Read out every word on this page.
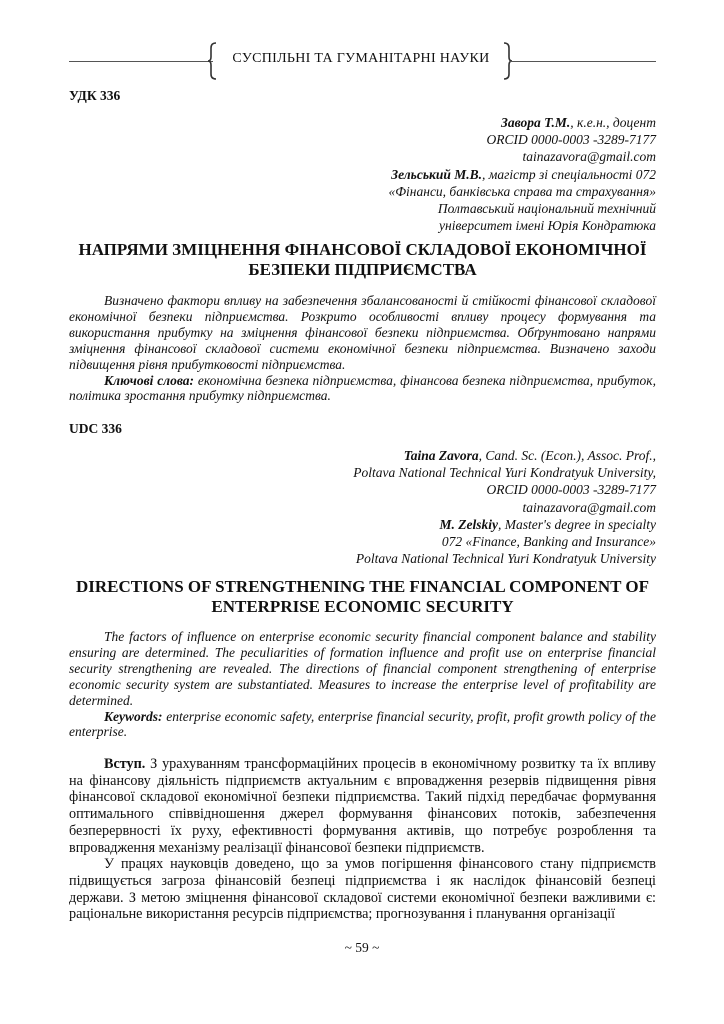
СУСПІЛЬНІ ТА ГУМАНІТАРНІ НАУКИ
УДК 336
Завора Т.М., к.е.н., доцент
ORCID 0000-0003 -3289-7177
tainazavora@gmail.com
Зельський М.В., магістр зі спеціальності 072
«Фінанси, банківська справа та страхування»
Полтавський національний технічний
університет імені Юрія Кондратюка
НАПРЯМИ ЗМІЦНЕННЯ ФІНАНСОВОЇ СКЛАДОВОЇ ЕКОНОМІЧНОЇ
БЕЗПЕКИ ПІДПРИЄМСТВА

Визначено фактори впливу на забезпечення збалансованості й стійкості фінансової складової економічної безпеки підприємства. Розкрито особливості впливу процесу формування та використання прибутку на зміцнення фінансової безпеки підприємства. Обґрунтовано напрями зміцнення фінансової складової системи економічної безпеки підприємства. Визначено заходи підвищення рівня прибутковості підприємства.

Ключові слова: економічна безпека підприємства, фінансова безпека підприємства, прибуток, політика зростання прибутку підприємства.

UDC 336
Taina Zavora, Cand. Sc. (Econ.), Assoc. Prof.,
Poltava National Technical Yuri Kondratyuk University,
ORCID 0000-0003 -3289-7177
tainazavora@gmail.com
M. Zelskiy, Master's degree in specialty
072 «Finance, Banking and Insurance»
Poltava National Technical Yuri Kondratyuk University
DIRECTIONS OF STRENGTHENING THE FINANCIAL COMPONENT OF
ENTERPRISE ECONOMIC SECURITY

The factors of influence on enterprise economic security financial component balance and stability ensuring are determined. The peculiarities of formation influence and profit use on enterprise financial security strengthening are revealed. The directions of financial component strengthening of enterprise economic security system are substantiated. Measures to increase the enterprise level of profitability are determined.

Keywords: enterprise economic safety, enterprise financial security, profit, profit growth policy of the enterprise.

Вступ. З урахуванням трансформаційних процесів в економічному розвитку та їх впливу на фінансову діяльність підприємств актуальним є впровадження резервів підвищення рівня фінансової складової економічної безпеки підприємства. Такий підхід передбачає формування оптимального співвідношення джерел формування фінансових потоків, забезпечення безперервності їх руху, ефективності формування активів, що потребує розроблення та впровадження механізму реалізації фінансової безпеки підприємств.

У працях науковців доведено, що за умов погіршення фінансового стану підприємств підвищується загроза фінансовій безпеці підприємства і як наслідок фінансовій безпеці держави. З метою зміцнення фінансової складової системи економічної безпеки важливими є: раціональне використання ресурсів підприємства; прогнозування і планування організації

~ 59 ~
